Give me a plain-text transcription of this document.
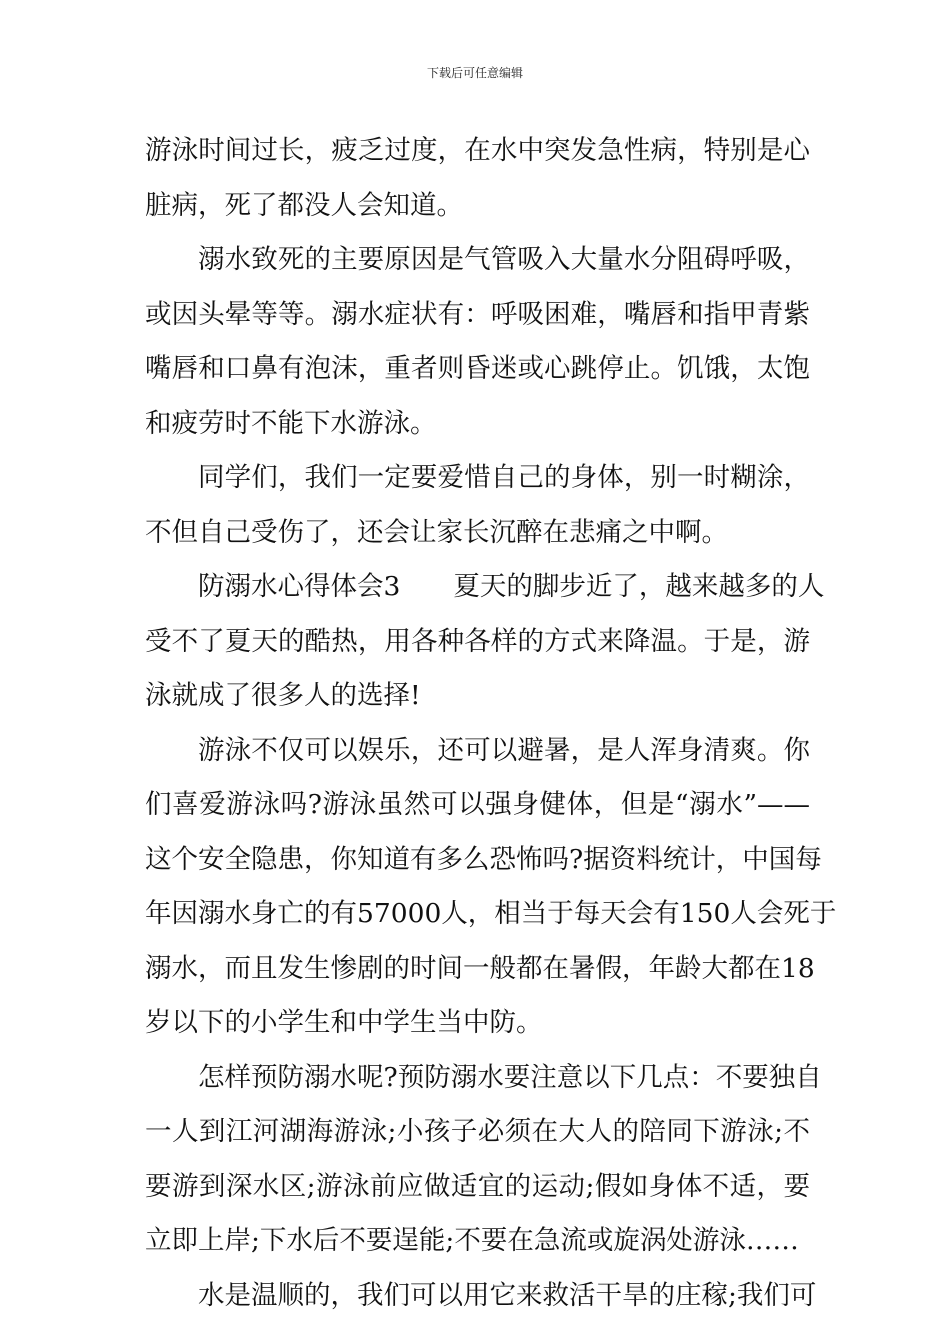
下载后可任意编辑
游泳时间过长，疲乏过度，在水中突发急性病，特别是心
脏病，死了都没人会知道。
溺水致死的主要原因是气管吸入大量水分阻碍呼吸，
或因头晕等等。溺水症状有：呼吸困难，嘴唇和指甲青紫
嘴唇和口鼻有泡沫，重者则昏迷或心跳停止。饥饿，太饱
和疲劳时不能下水游泳。
同学们，我们一定要爱惜自己的身体，别一时糊涂，
不但自己受伤了，还会让家长沉醉在悲痛之中啊。
防溺水心得体会3　　夏天的脚步近了，越来越多的人
受不了夏天的酷热，用各种各样的方式来降温。于是，游
泳就成了很多人的选择!
游泳不仅可以娱乐，还可以避暑，是人浑身清爽。你
们喜爱游泳吗?游泳虽然可以强身健体，但是“溺水”——
这个安全隐患，你知道有多么恐怖吗?据资料统计，中国每
年因溺水身亡的有57000人，相当于每天会有150人会死于
溺水，而且发生惨剧的时间一般都在暑假，年龄大都在18
岁以下的小学生和中学生当中防。
怎样预防溺水呢?预防溺水要注意以下几点：不要独自
一人到江河湖海游泳;小孩子必须在大人的陪同下游泳;不
要游到深水区;游泳前应做适宜的运动;假如身体不适，要
立即上岸;下水后不要逞能;不要在急流或旋涡处游泳……
水是温顺的，我们可以用它来救活干旱的庄稼;我们可
